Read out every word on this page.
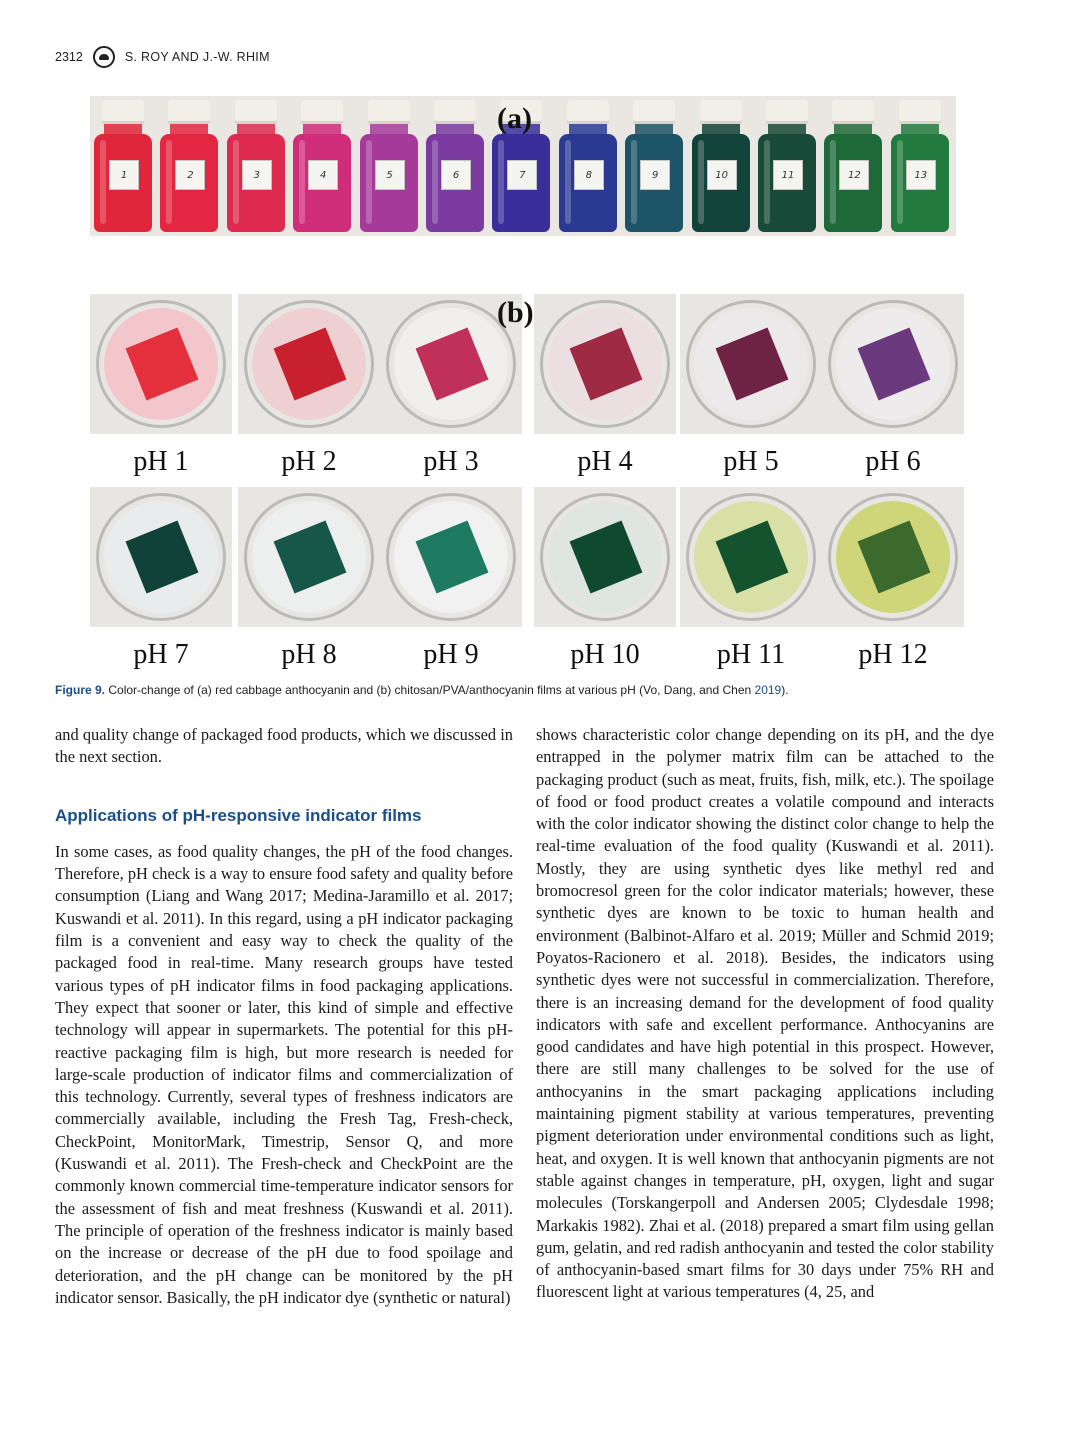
2312	S. ROY AND J.-W. RHIM
1	2	3	4	5	6	7	8	9	10	11	12	13
(a)
pH 1	pH 2	pH 3	pH 4	pH 5	pH 6
pH 7	pH 8	pH 9	pH 10	pH 11	pH 12
(b)
Figure 9. Color-change of (a) red cabbage anthocyanin and (b) chitosan/PVA/anthocyanin films at various pH (Vo, Dang, and Chen 2019).

and quality change of packaged food products, which we discussed in the next section.

Applications of pH-responsive indicator films

In some cases, as food quality changes, the pH of the food changes. Therefore, pH check is a way to ensure food safety and quality before consumption (Liang and Wang 2017; Medina-Jaramillo et al. 2017; Kuswandi et al. 2011). In this regard, using a pH indicator packaging film is a convenient and easy way to check the quality of the packaged food in real-time. Many research groups have tested various types of pH indicator films in food packaging applications. They expect that sooner or later, this kind of simple and effective technology will appear in supermarkets. The potential for this pH-reactive packaging film is high, but more research is needed for large-scale production of indicator films and commercialization of this technology. Currently, several types of freshness indicators are commercially available, including the Fresh Tag, Fresh-check, CheckPoint, MonitorMark, Timestrip, Sensor Q, and more (Kuswandi et al. 2011). The Fresh-check and CheckPoint are the commonly known commercial time-temperature indicator sensors for the assessment of fish and meat freshness (Kuswandi et al. 2011). The principle of operation of the freshness indicator is mainly based on the increase or decrease of the pH due to food spoilage and deterioration, and the pH change can be monitored by the pH indicator sensor. Basically, the pH indicator dye (synthetic or natural)

shows characteristic color change depending on its pH, and the dye entrapped in the polymer matrix film can be attached to the packaging product (such as meat, fruits, fish, milk, etc.). The spoilage of food or food product creates a volatile compound and interacts with the color indicator showing the distinct color change to help the real-time evaluation of the food quality (Kuswandi et al. 2011). Mostly, they are using synthetic dyes like methyl red and bromocresol green for the color indicator materials; however, these synthetic dyes are known to be toxic to human health and environment (Balbinot-Alfaro et al. 2019; Müller and Schmid 2019; Poyatos-Racionero et al. 2018). Besides, the indicators using synthetic dyes were not successful in commercialization. Therefore, there is an increasing demand for the development of food quality indicators with safe and excellent performance. Anthocyanins are good candidates and have high potential in this prospect. However, there are still many challenges to be solved for the use of anthocyanins in the smart packaging applications including maintaining pigment stability at various temperatures, preventing pigment deterioration under environmental conditions such as light, heat, and oxygen. It is well known that anthocyanin pigments are not stable against changes in temperature, pH, oxygen, light and sugar molecules (Torskangerpoll and Andersen 2005; Clydesdale 1998; Markakis 1982). Zhai et al. (2018) prepared a smart film using gellan gum, gelatin, and red radish anthocyanin and tested the color stability of anthocyanin-based smart films for 30 days under 75% RH and fluorescent light at various temperatures (4, 25, and
